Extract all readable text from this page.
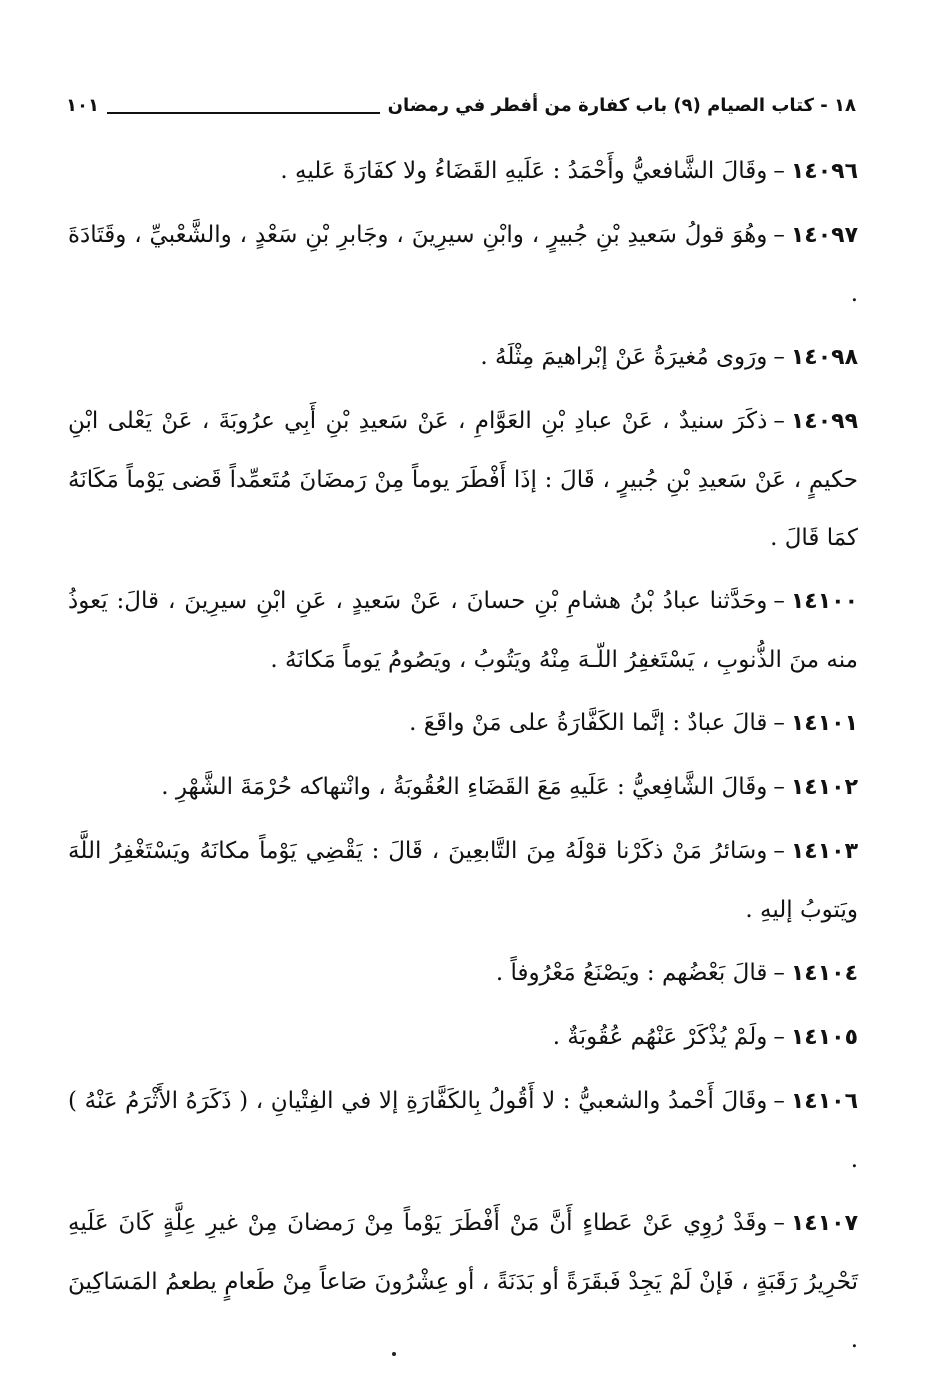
١٨ - كتاب الصيام (٩) باب كفارة من أفطر في رمضان
١٠١

١٤٠٩٦–وقَالَ الشَّافعيُّ وأَحْمَدُ : عَلَيهِ القَضَاءُ ولا كفَارَةَ عَليهِ .

١٤٠٩٧–وهُوَ قولُ سَعيدِ بْنِ جُبيرٍ ، وابْنِ سيرِينَ ، وجَابرِ بْنِ سَعْدٍ ، والشَّعْبيِّ ، وقَتَادَةَ .

١٤٠٩٨–ورَوى مُغيرَةُ عَنْ إبْراهيمَ مِثْلَهُ .

١٤٠٩٩–ذكَرَ سنيدٌ ، عَنْ عبادِ بْنِ العَوَّامِ ، عَنْ سَعيدِ بْنِ أَبِي عرُوبَةَ ، عَنْ يَعْلى ابْنِ حكيمٍ ، عَنْ سَعيدِ بْنِ جُبيرٍ ، قَالَ : إذَا أَفْطَرَ يوماً مِنْ رَمضَانَ مُتَعمِّداً قَضى يَوْماً مَكَانَهُ كمَا قَالَ .

١٤١٠٠–وحَدَّثنا عبادُ بْنُ هشامِ بْنِ حسانَ ، عَنْ سَعيدٍ ، عَنِ ابْنِ سيرِينَ ، قالَ: يَعوذُ منه منَ الذُّنوبِ ، يَسْتَغفِرُ اللّـهَ مِنْهُ ويَتُوبُ ، ويَصُومُ يَوماً مَكانَهُ .

١٤١٠١–قالَ عبادٌ : إنَّما الكَفَّارَةُ على مَنْ واقَعَ .

١٤١٠٢–وقَالَ الشَّافِعيُّ : عَلَيهِ مَعَ القَضَاءِ العُقُوبَةُ ، وانْتهاكه حُرْمَةَ الشَّهْرِ .

١٤١٠٣–وسَائرُ مَنْ ذكَرْنا قوْلَهُ مِنَ التَّابعِينَ ، قَالَ : يَقْضِي يَوْماً مكانَهُ ويَسْتَغْفِرُ اللَّهَ ويَتوبُ إليهِ .

١٤١٠٤–قالَ بَعْضُهم : ويَصْنَعُ مَعْرُوفاً .

١٤١٠٥–ولَمْ يُذْكَرْ عَنْهُم عُقُوبَةٌ .

١٤١٠٦–وقَالَ أَحْمدُ والشعبيُّ : لا أَقُولُ بِالكَفَّارَةِ إلا في الفِتْيانِ ، ( ذَكَرَهُ الأَثْرَمُ عَنْهُ ) .

١٤١٠٧–وقَدْ رُوِي عَنْ عَطاءٍ أَنَّ مَنْ أَفْطَرَ يَوْماً مِنْ رَمضانَ مِنْ غيرِ عِلَّةٍ كَانَ عَلَيهِ تَحْرِيرُ رَقَبَةٍ ، فَإنْ لَمْ يَجِدْ فَبقَرَةً أو بَدَنَةً ، أو عِشْرُونَ صَاعاً مِنْ طَعامٍ يطعمُ المَسَاكِينَ .
